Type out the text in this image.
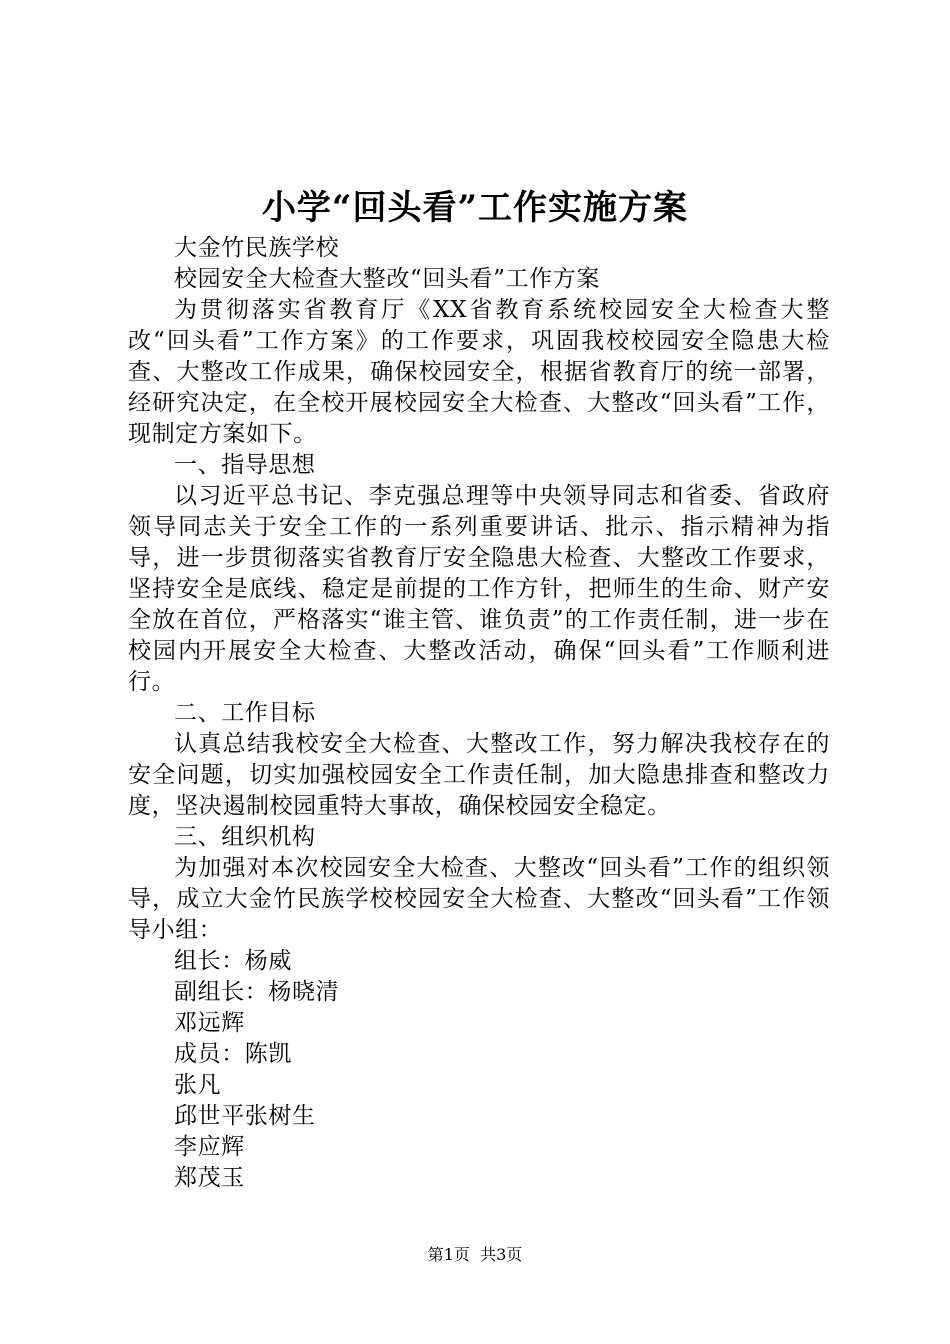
小学“回头看”工作实施方案

大金竹民族学校

校园安全大检查大整改“回头看”工作方案

为贯彻落实省教育厅《XX省教育系统校园安全大检查大整改“回头看”工作方案》的工作要求，巩固我校校园安全隐患大检查、大整改工作成果，确保校园安全，根据省教育厅的统一部署，经研究决定，在全校开展校园安全大检查、大整改“回头看”工作，现制定方案如下。

一、指导思想

以习近平总书记、李克强总理等中央领导同志和省委、省政府领导同志关于安全工作的一系列重要讲话、批示、指示精神为指导，进一步贯彻落实省教育厅安全隐患大检查、大整改工作要求，坚持安全是底线、稳定是前提的工作方针，把师生的生命、财产安全放在首位，严格落实“谁主管、谁负责”的工作责任制，进一步在校园内开展安全大检查、大整改活动，确保“回头看”工作顺利进行。

二、工作目标

认真总结我校安全大检查、大整改工作，努力解决我校存在的安全问题，切实加强校园安全工作责任制，加大隐患排查和整改力度，坚决遏制校园重特大事故，确保校园安全稳定。

三、组织机构

为加强对本次校园安全大检查、大整改“回头看”工作的组织领导，成立大金竹民族学校校园安全大检查、大整改“回头看”工作领导小组：

组长：杨威

副组长：杨晓清

邓远辉

成员：陈凯

张凡

邱世平张树生

李应辉

郑茂玉

第1页  共3页
